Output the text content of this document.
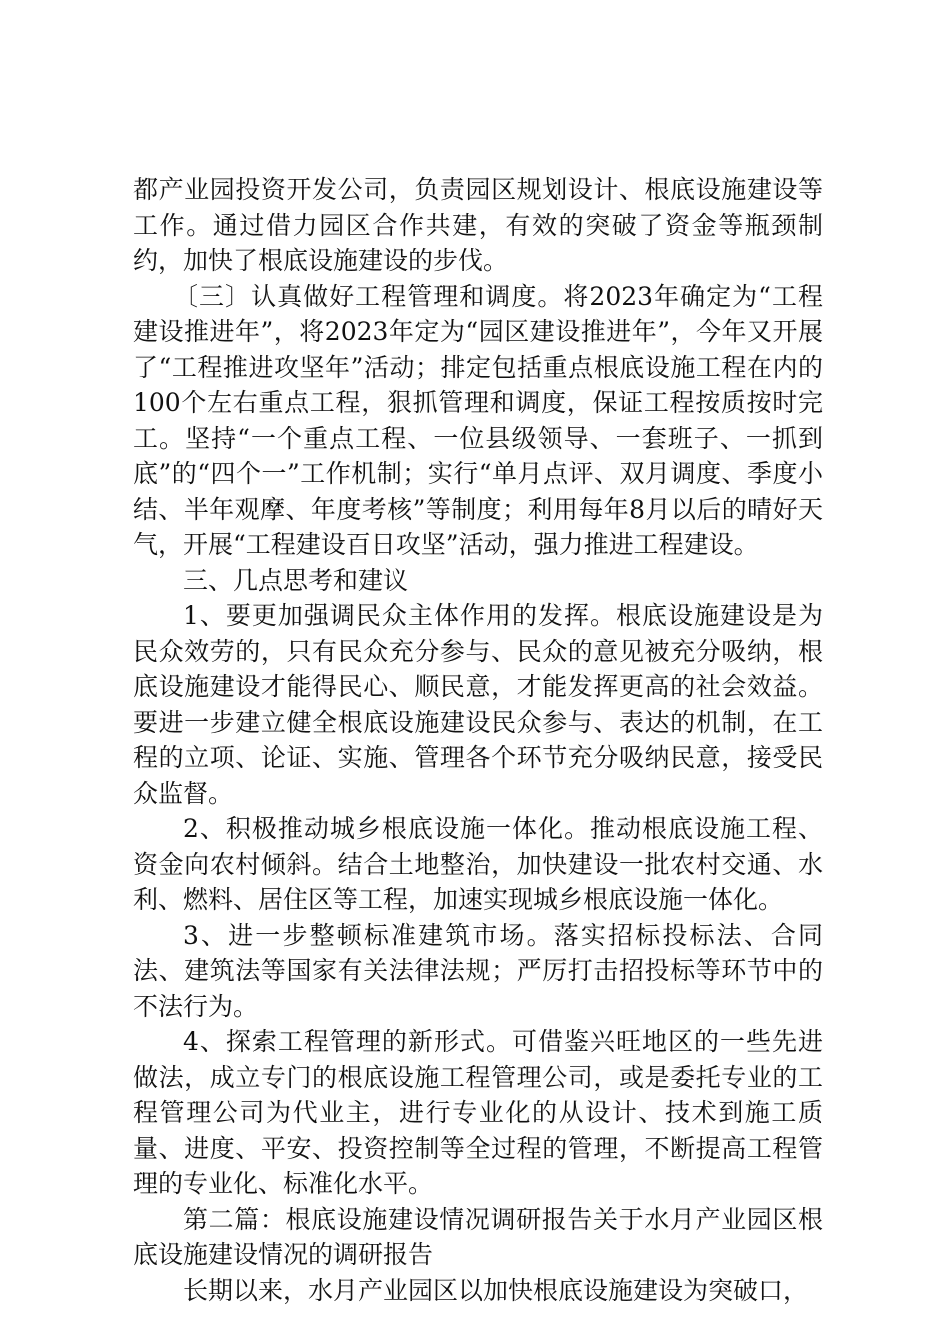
都产业园投资开发公司，负责园区规划设计、根底设施建设等工作。通过借力园区合作共建，有效的突破了资金等瓶颈制约，加快了根底设施建设的步伐。

〔三〕认真做好工程管理和调度。将2023年确定为“工程建设推进年”，将2023年定为“园区建设推进年”，今年又开展了“工程推进攻坚年”活动；排定包括重点根底设施工程在内的100个左右重点工程，狠抓管理和调度，保证工程按质按时完工。坚持“一个重点工程、一位县级领导、一套班子、一抓到底”的“四个一”工作机制；实行“单月点评、双月调度、季度小结、半年观摩、年度考核”等制度；利用每年8月以后的晴好天气，开展“工程建设百日攻坚”活动，强力推进工程建设。

三、几点思考和建议

1、要更加强调民众主体作用的发挥。根底设施建设是为民众效劳的，只有民众充分参与、民众的意见被充分吸纳，根底设施建设才能得民心、顺民意，才能发挥更高的社会效益。要进一步建立健全根底设施建设民众参与、表达的机制，在工程的立项、论证、实施、管理各个环节充分吸纳民意，接受民众监督。

2、积极推动城乡根底设施一体化。推动根底设施工程、资金向农村倾斜。结合土地整治，加快建设一批农村交通、水利、燃料、居住区等工程，加速实现城乡根底设施一体化。

3、进一步整顿标准建筑市场。落实招标投标法、合同法、建筑法等国家有关法律法规；严厉打击招投标等环节中的不法行为。

4、探索工程管理的新形式。可借鉴兴旺地区的一些先进做法，成立专门的根底设施工程管理公司，或是委托专业的工程管理公司为代业主，进行专业化的从设计、技术到施工质量、进度、平安、投资控制等全过程的管理，不断提高工程管理的专业化、标准化水平。

第二篇：根底设施建设情况调研报告关于水月产业园区根底设施建设情况的调研报告

长期以来，水月产业园区以加快根底设施建设为突破口，
